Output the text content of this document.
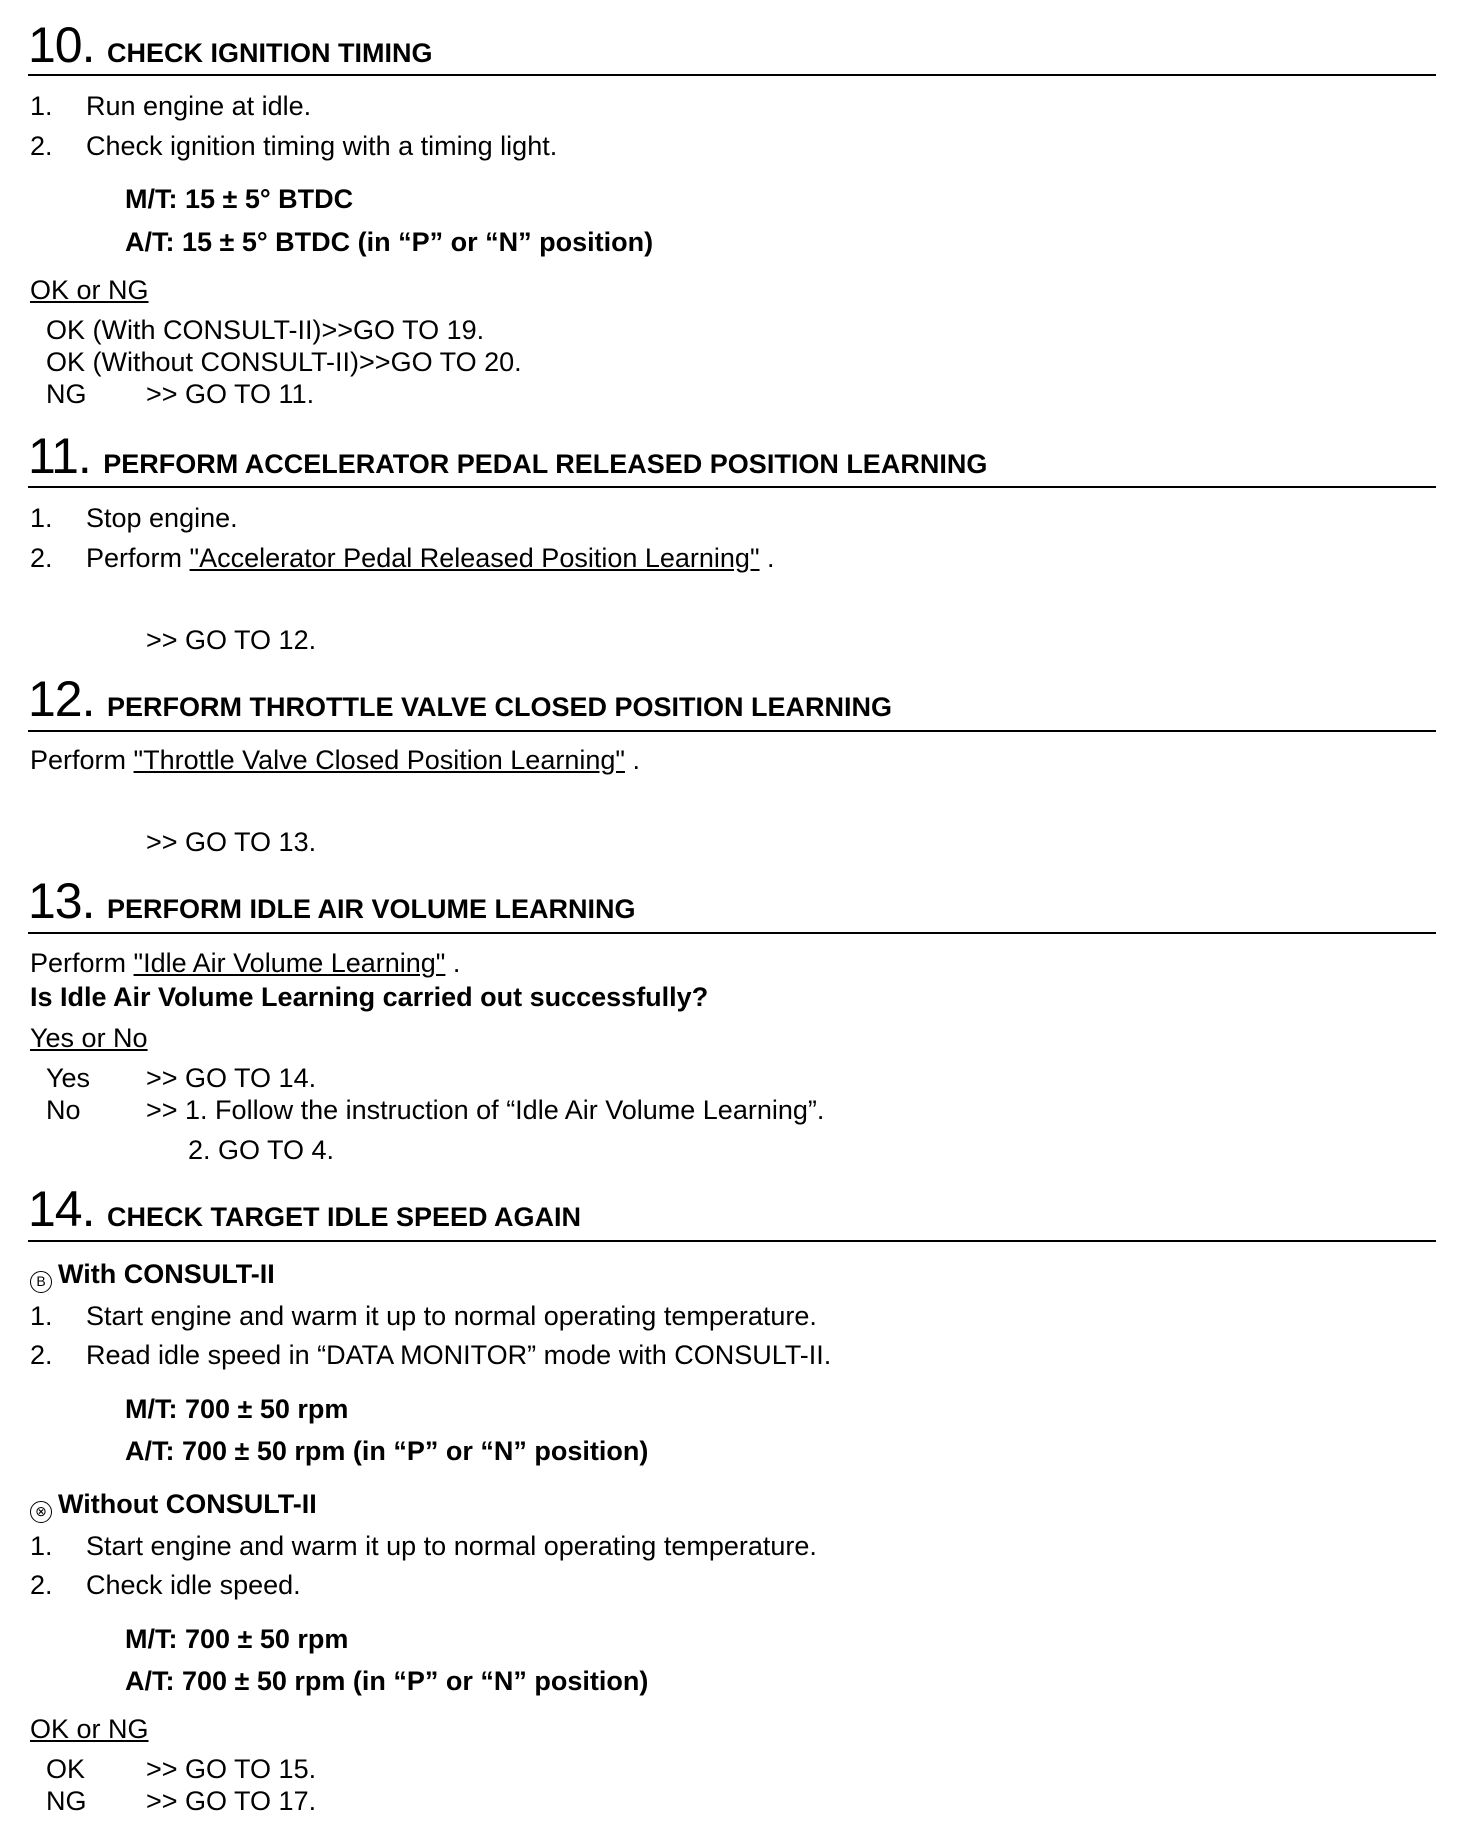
10. CHECK IGNITION TIMING
1. Run engine at idle.
2. Check ignition timing with a timing light.
M/T: 15 ± 5° BTDC
A/T: 15 ± 5° BTDC (in “P” or “N” position)
OK or NG
OK (With CONSULT-II)>>GO TO 19.
OK (Without CONSULT-II)>>GO TO 20.
NG >> GO TO 11.
11. PERFORM ACCELERATOR PEDAL RELEASED POSITION LEARNING
1. Stop engine.
2. Perform "Accelerator Pedal Released Position Learning" .
>> GO TO 12.
12. PERFORM THROTTLE VALVE CLOSED POSITION LEARNING
Perform "Throttle Valve Closed Position Learning" .
>> GO TO 13.
13. PERFORM IDLE AIR VOLUME LEARNING
Perform "Idle Air Volume Learning" .
Is Idle Air Volume Learning carried out successfully?
Yes or No
Yes >> GO TO 14.
No >> 1. Follow the instruction of “Idle Air Volume Learning”.
2. GO TO 4.
14. CHECK TARGET IDLE SPEED AGAIN
B With CONSULT-II
1. Start engine and warm it up to normal operating temperature.
2. Read idle speed in “DATA MONITOR” mode with CONSULT-II.
M/T: 700 ± 50 rpm
A/T: 700 ± 50 rpm (in “P” or “N” position)
⊗ Without CONSULT-II
1. Start engine and warm it up to normal operating temperature.
2. Check idle speed.
M/T: 700 ± 50 rpm
A/T: 700 ± 50 rpm (in “P” or “N” position)
OK or NG
OK >> GO TO 15.
NG >> GO TO 17.
